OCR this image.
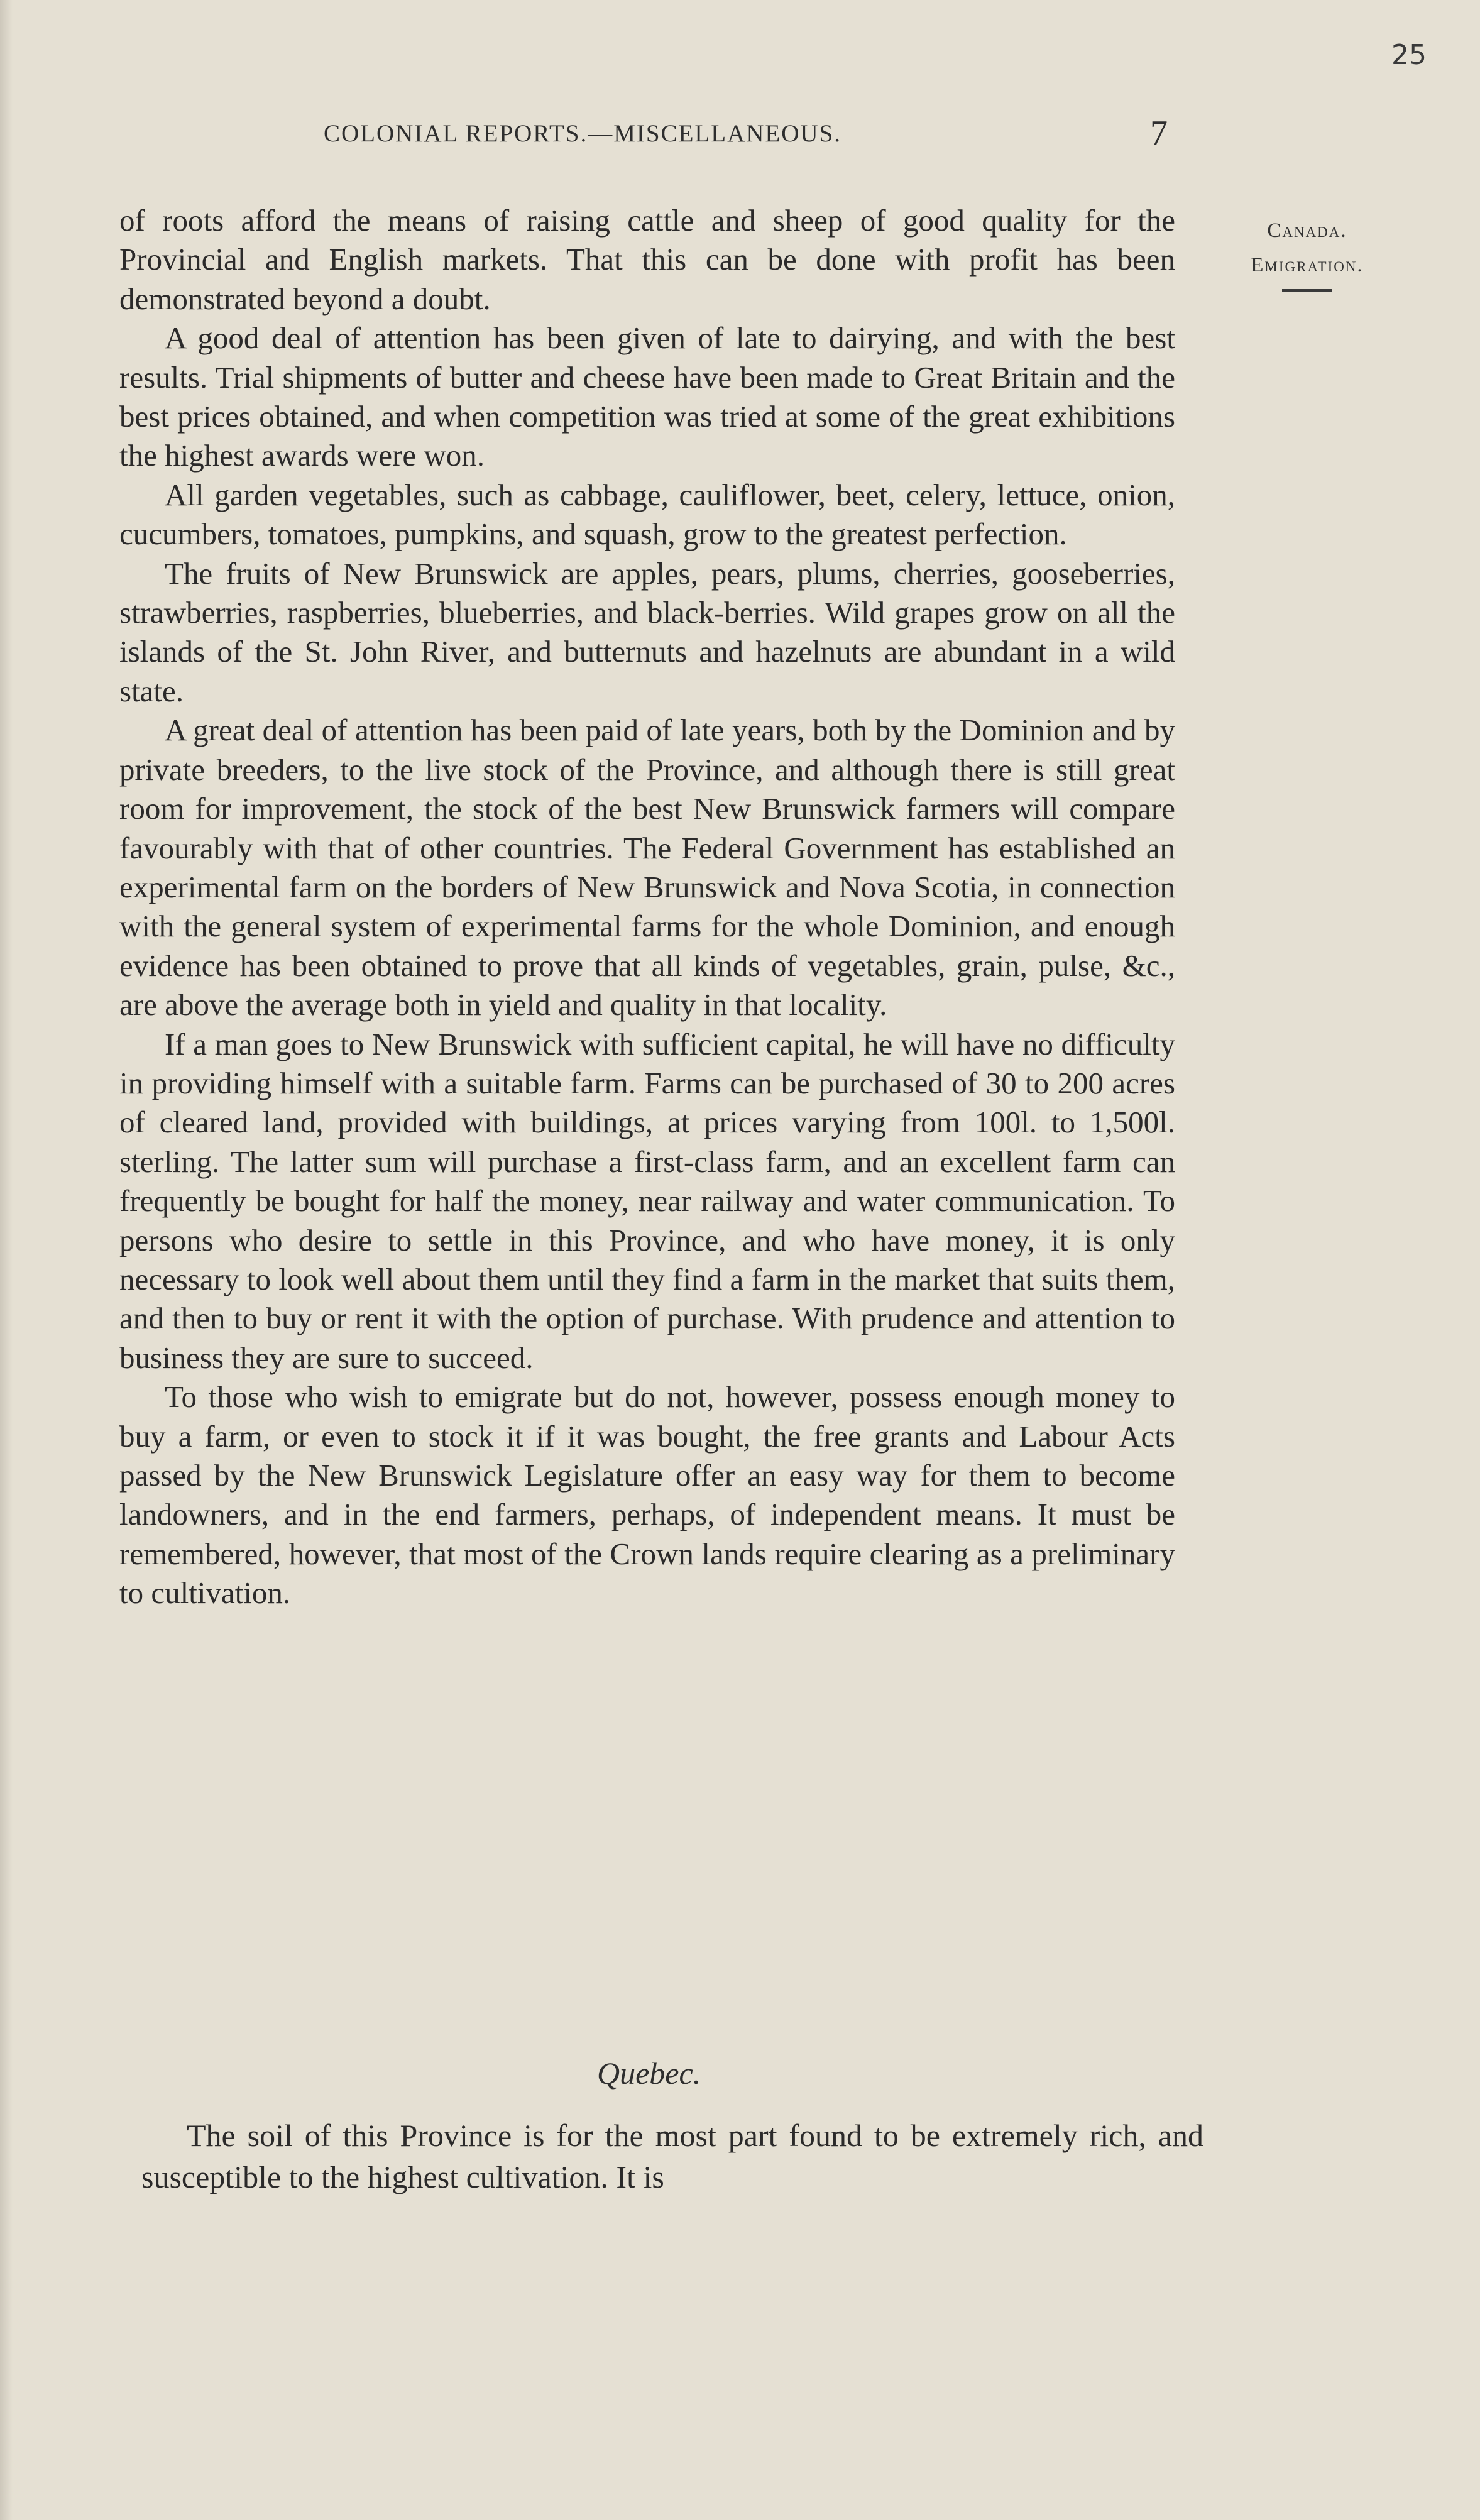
25
COLONIAL REPORTS.—MISCELLANEOUS.	7
Canada.
Emigration.

of roots afford the means of raising cattle and sheep of good quality for the Provincial and English markets. That this can be done with profit has been demonstrated beyond a doubt.

A good deal of attention has been given of late to dairying, and with the best results. Trial shipments of butter and cheese have been made to Great Britain and the best prices obtained, and when competition was tried at some of the great exhibitions the highest awards were won.

All garden vegetables, such as cabbage, cauliflower, beet, celery, lettuce, onion, cucumbers, tomatoes, pumpkins, and squash, grow to the greatest perfection.

The fruits of New Brunswick are apples, pears, plums, cherries, gooseberries, strawberries, raspberries, blueberries, and black-berries. Wild grapes grow on all the islands of the St. John River, and butternuts and hazelnuts are abundant in a wild state.

A great deal of attention has been paid of late years, both by the Dominion and by private breeders, to the live stock of the Province, and although there is still great room for improvement, the stock of the best New Brunswick farmers will compare favourably with that of other countries. The Federal Government has established an experimental farm on the borders of New Brunswick and Nova Scotia, in connection with the general system of experimental farms for the whole Dominion, and enough evidence has been obtained to prove that all kinds of vegetables, grain, pulse, &c., are above the average both in yield and quality in that locality.

If a man goes to New Brunswick with sufficient capital, he will have no difficulty in providing himself with a suitable farm. Farms can be purchased of 30 to 200 acres of cleared land, provided with buildings, at prices varying from 100l. to 1,500l. sterling. The latter sum will purchase a first-class farm, and an excellent farm can frequently be bought for half the money, near railway and water communication. To persons who desire to settle in this Province, and who have money, it is only necessary to look well about them until they find a farm in the market that suits them, and then to buy or rent it with the option of purchase. With prudence and attention to business they are sure to succeed.

To those who wish to emigrate but do not, however, possess enough money to buy a farm, or even to stock it if it was bought, the free grants and Labour Acts passed by the New Brunswick Legislature offer an easy way for them to become landowners, and in the end farmers, perhaps, of independent means. It must be remembered, however, that most of the Crown lands require clearing as a preliminary to cultivation.

Quebec.

The soil of this Province is for the most part found to be extremely rich, and susceptible to the highest cultivation. It is
